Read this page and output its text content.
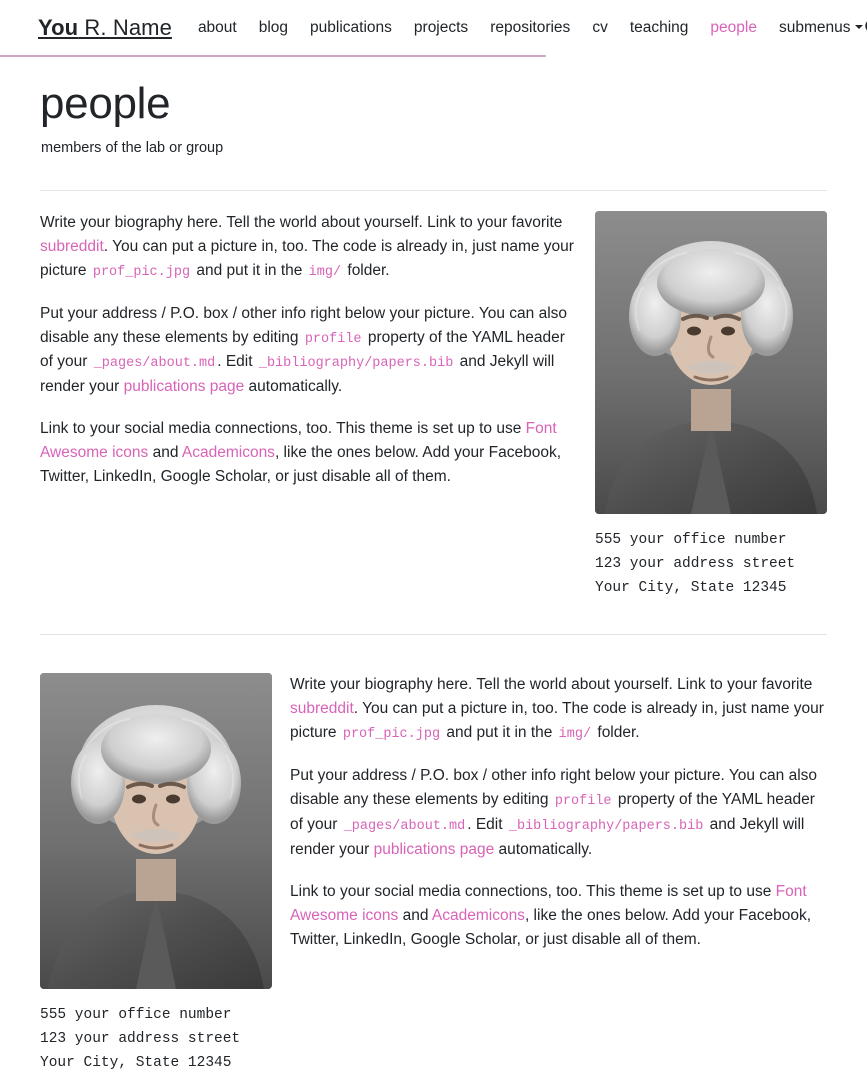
You R. Name about blog publications projects repositories cv teaching people submenus
people

members of the lab or group

555 your office number
123 your address street
Your City, State 12345

Write your biography here. Tell the world about yourself. Link to your favorite subreddit. You can put a picture in, too. The code is already in, just name your picture prof_pic.jpg and put it in the img/ folder.

Put your address / P.O. box / other info right below your picture. You can also disable any these elements by editing profile property of the YAML header of your _pages/about.md . Edit _bibliography/papers.bib and Jekyll will render your publications page automatically.

Link to your social media connections, too. This theme is set up to use Font Awesome icons and Academicons, like the ones below. Add your Facebook, Twitter, LinkedIn, Google Scholar, or just disable all of them.

555 your office number
123 your address street
Your City, State 12345

Write your biography here. Tell the world about yourself. Link to your favorite subreddit. You can put a picture in, too. The code is already in, just name your picture prof_pic.jpg and put it in the img/ folder.

Put your address / P.O. box / other info right below your picture. You can also disable any these elements by editing profile property of the YAML header of your _pages/about.md . Edit _bibliography/papers.bib and Jekyll will render your publications page automatically.

Link to your social media connections, too. This theme is set up to use Font Awesome icons and Academicons, like the ones below. Add your Facebook, Twitter, LinkedIn, Google Scholar, or just disable all of them.
